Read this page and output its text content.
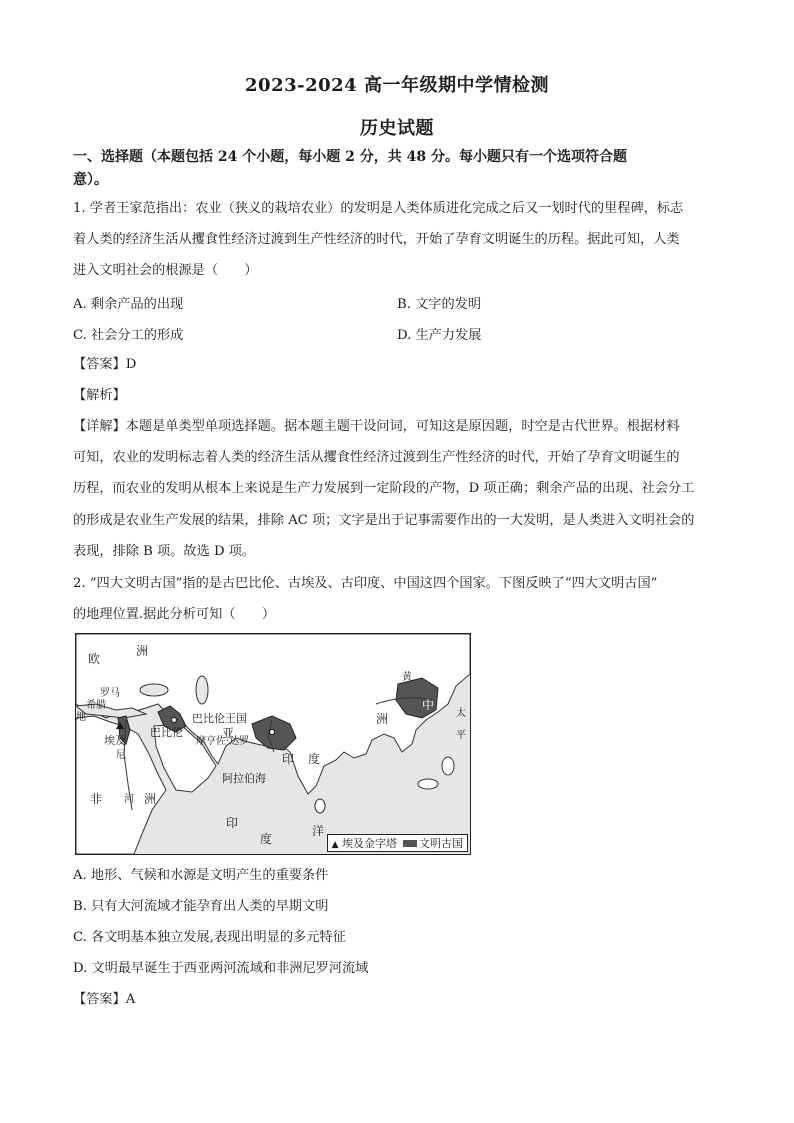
2023-2024 高一年级期中学情检测
历史试题
一、选择题（本题包括 24 个小题，每小题 2 分，共 48 分。每小题只有一个选项符合题
意）。
1. 学者王家范指出：农业（狭义的栽培农业）的发明是人类体质进化完成之后又一划时代的里程碑，标志
着人类的经济生活从攫食性经济过渡到生产性经济的时代，开始了孕育文明诞生的历程。据此可知，人类
进入文明社会的根源是（　　）
A. 剩余产品的出现	B. 文字的发明
C. 社会分工的形成	D. 生产力发展
【答案】D
【解析】
【详解】本题是单类型单项选择题。据本题主题干设问词，可知这是原因题，时空是古代世界。根据材料
可知，农业的发明标志着人类的经济生活从攫食性经济过渡到生产性经济的时代，开始了孕育文明诞生的
历程，而农业的发明从根本上来说是生产力发展到一定阶段的产物，D 项正确；剩余产品的出现、社会分工
的形成是农业生产发展的结果，排除 AC 项；文字是出于记事需要作出的一大发明，是人类进入文明社会的
表现，排除 B 项。故选 D 项。
2. “四大文明古国”指的是古巴比伦、古埃及、古印度、中国这四个国家。下图反映了“四大文明古国”
的地理位置.据此分析可知（　　）
欧
洲
希腊
地
罗马
巴比伦王国
巴比伦	亚
摩亨佐·达罗
洲
印 度
埃及
尼
非	洲
河
阿拉伯海
印
度
洋
中
黄
太
平
▲ 埃及金字塔	文明古国
A. 地形、气候和水源是文明产生的重要条件
B. 只有大河流域才能孕育出人类的早期文明
C. 各文明基本独立发展,表现出明显的多元特征
D. 文明最早诞生于西亚两河流域和非洲尼罗河流域
【答案】A
